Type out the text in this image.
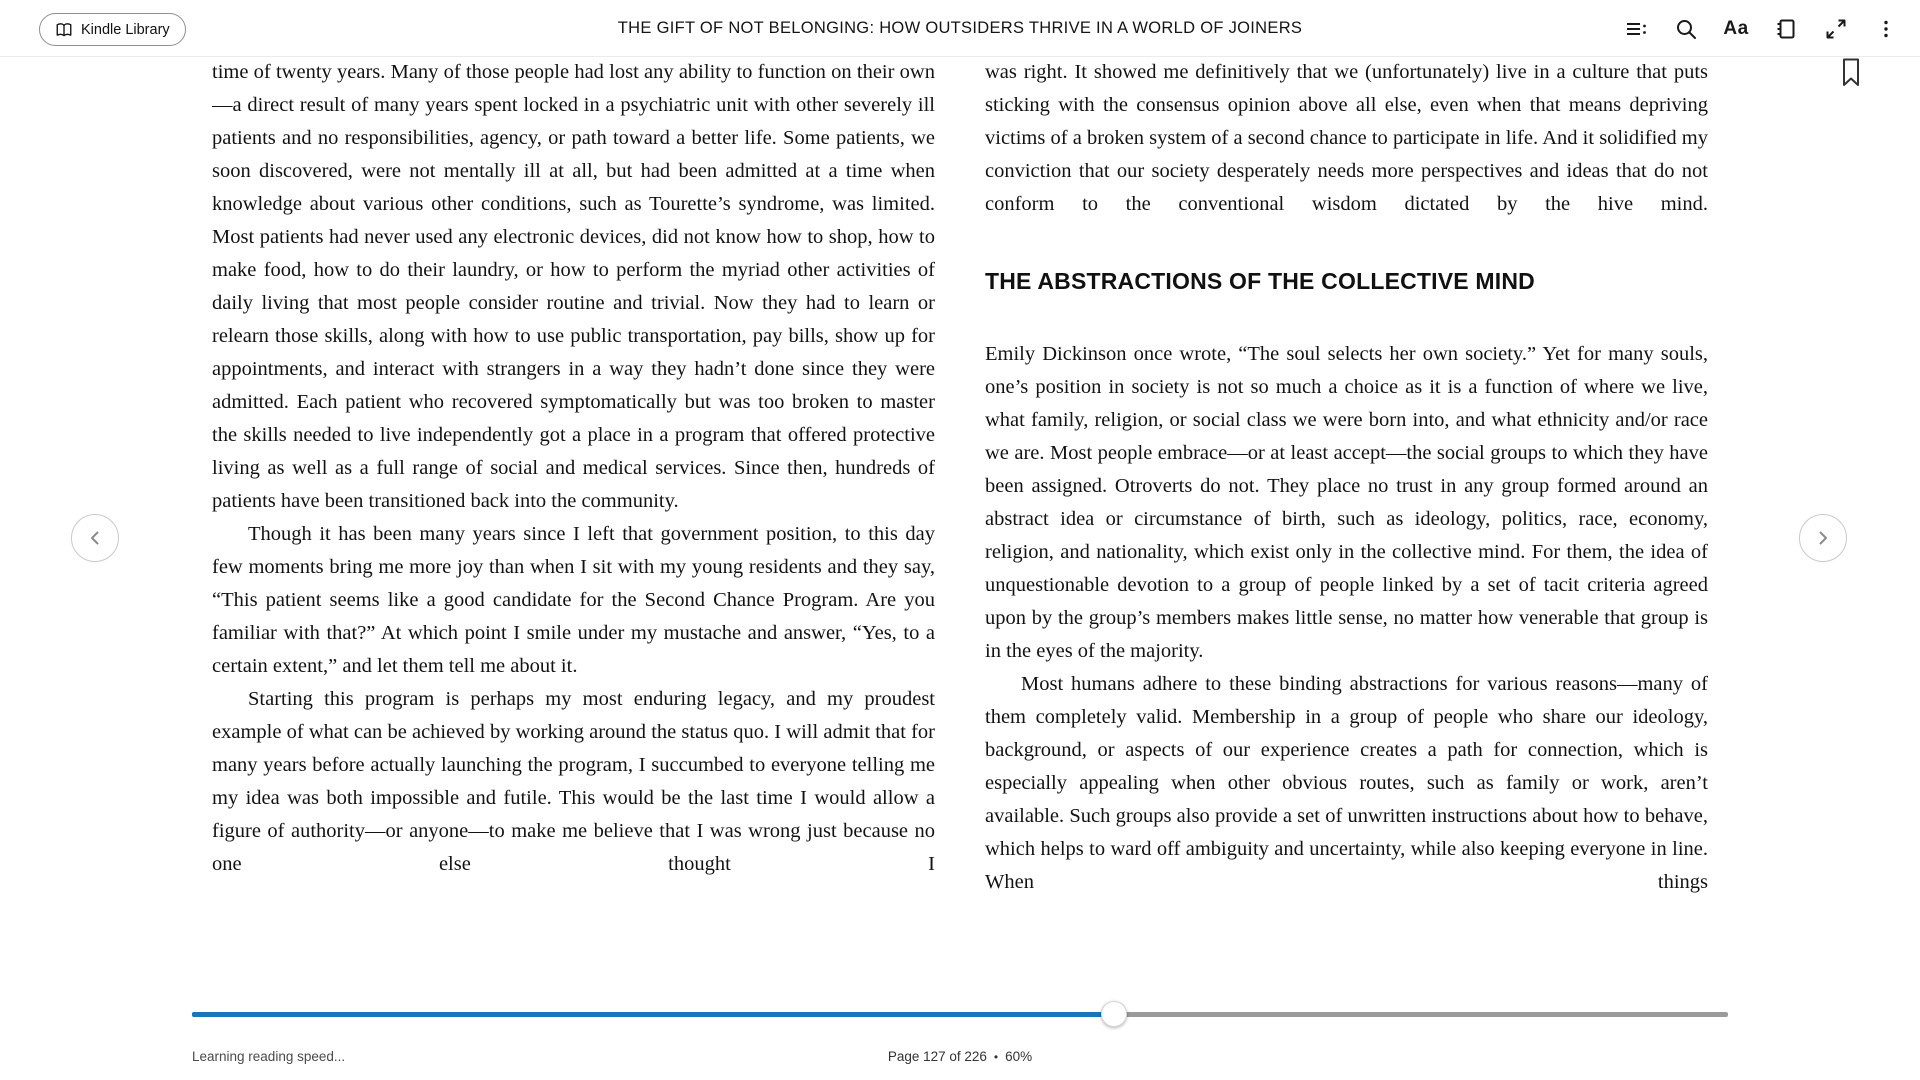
Kindle Library	THE GIFT OF NOT BELONGING: HOW OUTSIDERS THRIVE IN A WORLD OF JOINERS	Aa

time of twenty years. Many of those people had lost any ability to function on their own—a direct result of many years spent locked in a psychiatric unit with other severely ill patients and no responsibilities, agency, or path toward a better life. Some patients, we soon discovered, were not mentally ill at all, but had been admitted at a time when knowledge about various other conditions, such as Tourette’s syndrome, was limited. Most patients had never used any electronic devices, did not know how to shop, how to make food, how to do their laundry, or how to perform the myriad other activities of daily living that most people consider routine and trivial. Now they had to learn or relearn those skills, along with how to use public transportation, pay bills, show up for appointments, and interact with strangers in a way they hadn’t done since they were admitted. Each patient who recovered symptomatically but was too broken to master the skills needed to live independently got a place in a program that offered protective living as well as a full range of social and medical services. Since then, hundreds of patients have been transitioned back into the community.

Though it has been many years since I left that government position, to this day few moments bring me more joy than when I sit with my young residents and they say, “This patient seems like a good candidate for the Second Chance Program. Are you familiar with that?” At which point I smile under my mustache and answer, “Yes, to a certain extent,” and let them tell me about it.

Starting this program is perhaps my most enduring legacy, and my proudest example of what can be achieved by working around the status quo. I will admit that for many years before actually launching the program, I succumbed to everyone telling me my idea was both impossible and futile. This would be the last time I would allow a figure of authority—or anyone—to make me believe that I was wrong just because no one else thought I

was right. It showed me definitively that we (unfortunately) live in a culture that puts sticking with the consensus opinion above all else, even when that means depriving victims of a broken system of a second chance to participate in life. And it solidified my conviction that our society desperately needs more perspectives and ideas that do not conform to the conventional wisdom dictated by the hive mind.

THE ABSTRACTIONS OF THE COLLECTIVE MIND

Emily Dickinson once wrote, “The soul selects her own society.” Yet for many souls, one’s position in society is not so much a choice as it is a function of where we live, what family, religion, or social class we were born into, and what ethnicity and/or race we are. Most people embrace—or at least accept—the social groups to which they have been assigned. Otroverts do not. They place no trust in any group formed around an abstract idea or circumstance of birth, such as ideology, politics, race, economy, religion, and nationality, which exist only in the collective mind. For them, the idea of unquestionable devotion to a group of people linked by a set of tacit criteria agreed upon by the group’s members makes little sense, no matter how venerable that group is in the eyes of the majority.

Most humans adhere to these binding abstractions for various reasons—many of them completely valid. Membership in a group of people who share our ideology, background, or aspects of our experience creates a path for connection, which is especially appealing when other obvious routes, such as family or work, aren’t available. Such groups also provide a set of unwritten instructions about how to behave, which helps to ward off ambiguity and uncertainty, while also keeping everyone in line. When things

Learning reading speed...	Page 127 of 226 • 60%
